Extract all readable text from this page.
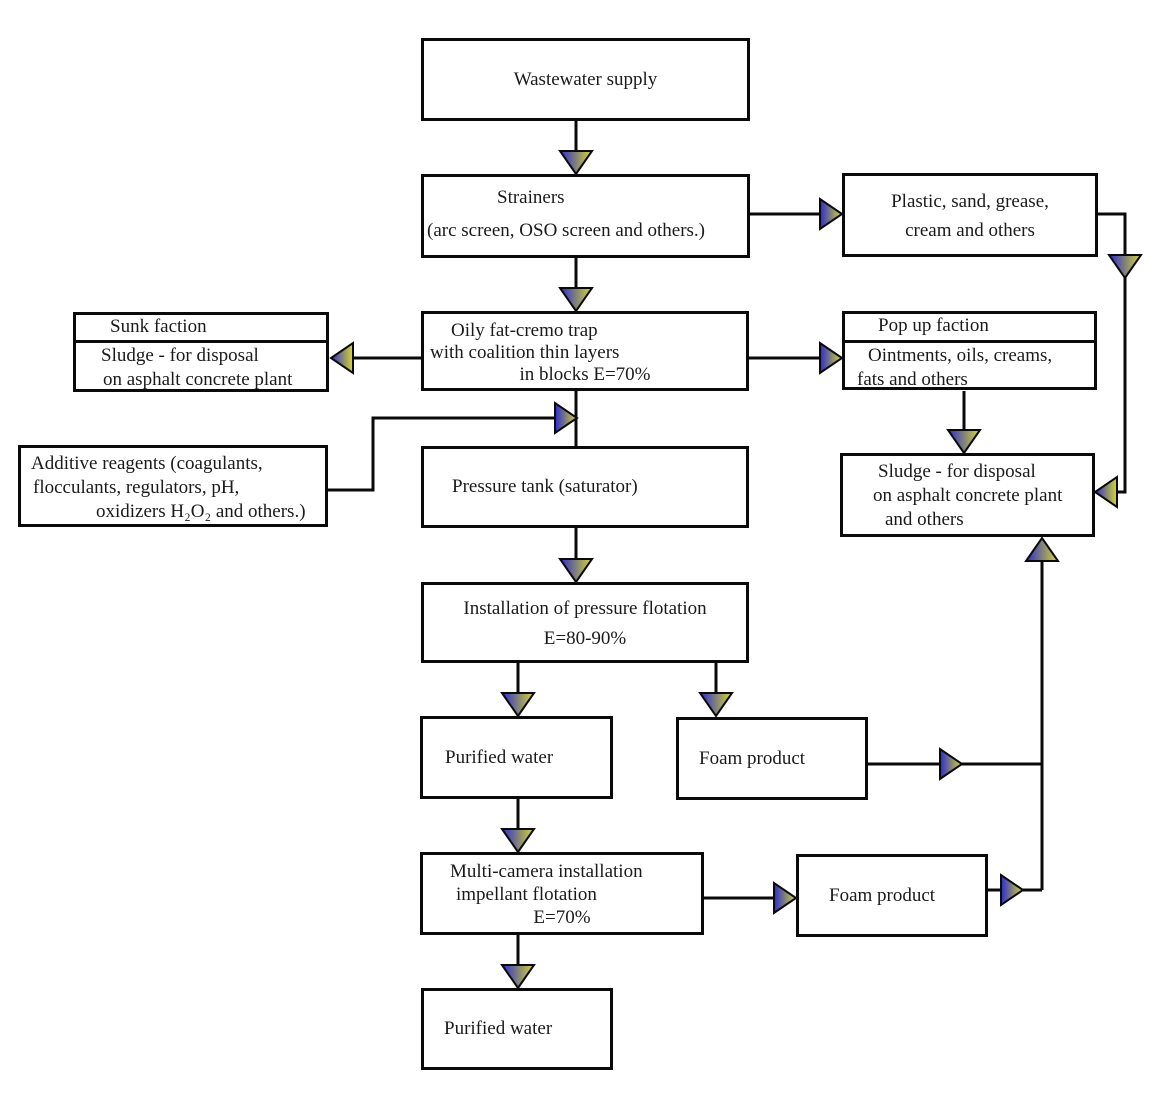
Wastewater supply
Strainers
(arc screen, OSO screen and others.)
Plastic, sand, grease,
cream and others
Sunk faction
Sludge - for disposal
on asphalt concrete plant
Oily fat-cremo trap
with coalition thin layers
in blocks E=70%
Pop up faction
Ointments, oils, creams,
fats and others
Additive reagents (coagulants,
flocculants, regulators, pH,
oxidizers H₂O₂ and others.)
Pressure tank (saturator)
Sludge - for disposal
on asphalt concrete plant
and others
Installation of pressure flotation
E=80-90%
Purified water	Foam product
Multi-camera installation
impellant flotation
E=70%
Foam product
Purified water
